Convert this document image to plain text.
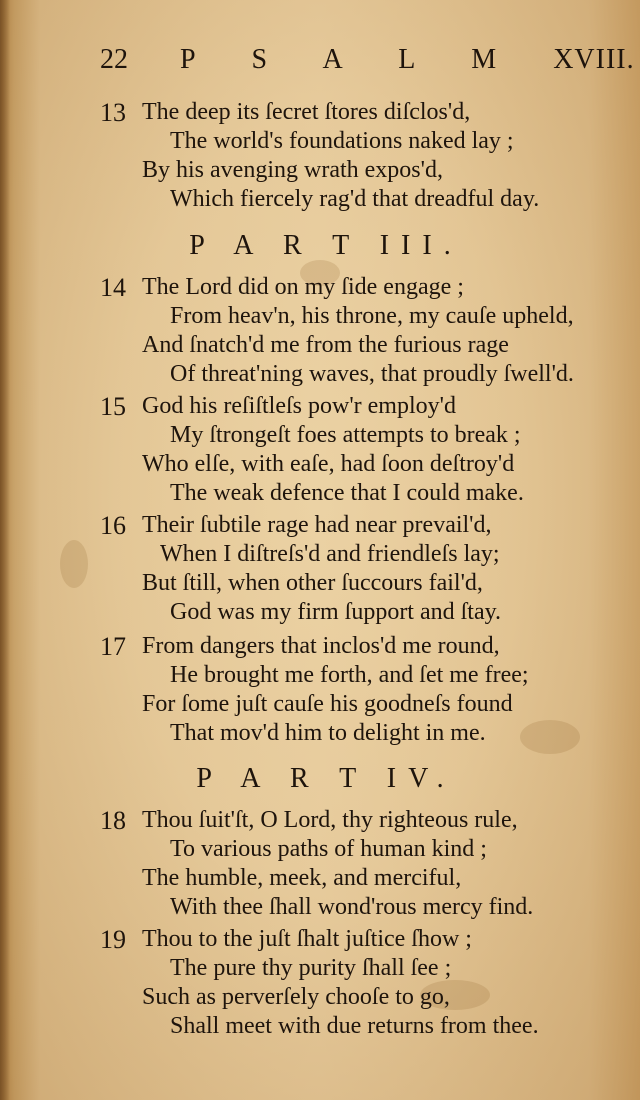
22 P S A L M XVIII.
13 The deep its ſecret ſtores diſclos'd,
The world's foundations naked lay ;
By his avenging wrath expos'd,
Which fiercely rag'd that dreadful day.
P A R T III.
14 The Lord did on my ſide engage ;
From heav'n, his throne, my cauſe upheld,
And ſnatch'd me from the furious rage
Of threat'ning waves, that proudly ſwell'd.
15 God his reſiſtleſs pow'r employ'd
My ſtrongeſt foes attempts to break ;
Who elſe, with eaſe, had ſoon deſtroy'd
The weak defence that I could make.
16 Their ſubtile rage had near prevail'd,
When I diſtreſs'd and friendleſs lay;
But ſtill, when other ſuccours fail'd,
God was my firm ſupport and ſtay.
17 From dangers that inclos'd me round,
He brought me forth, and ſet me free;
For ſome juſt cauſe his goodneſs found
That mov'd him to delight in me.
P A R T IV.
18 Thou ſuit'ſt, O Lord, thy righteous rule,
To various paths of human kind ;
The humble, meek, and merciful,
With thee ſhall wond'rous mercy find.
19 Thou to the juſt ſhalt juſtice ſhow ;
The pure thy purity ſhall ſee ;
Such as perverſely chooſe to go,
Shall meet with due returns from thee.
